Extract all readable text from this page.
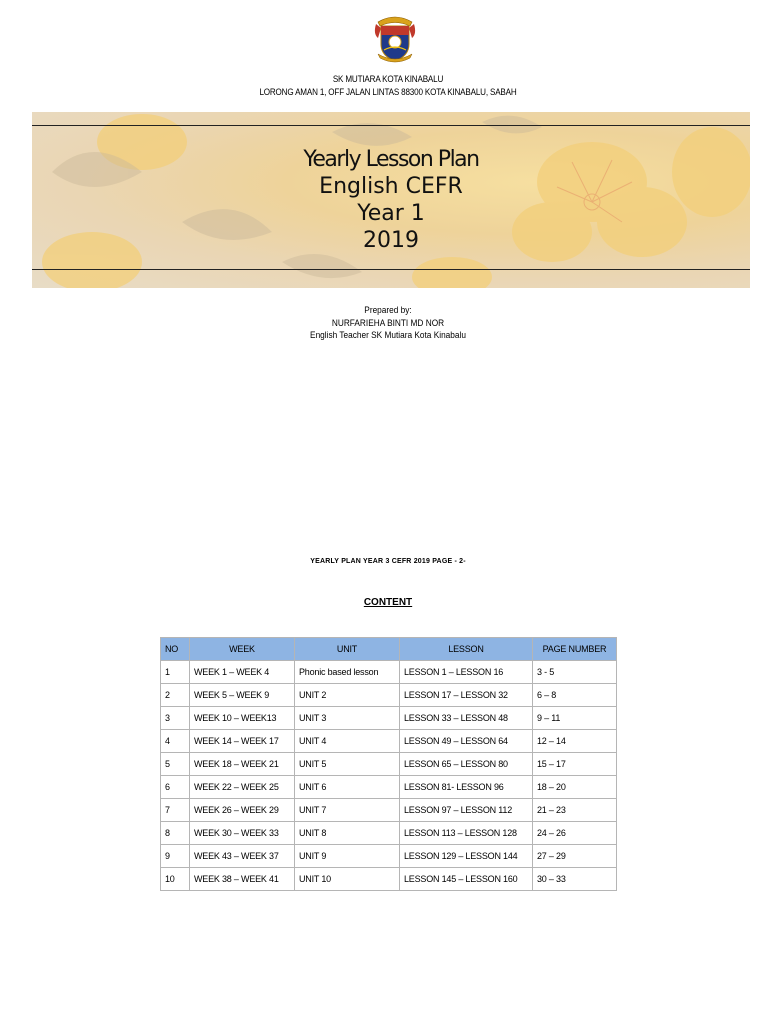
SK MUTIARA KOTA KINABALU
LORONG AMAN 1, OFF JALAN LINTAS 88300 KOTA KINABALU, SABAH
Yearly Lesson Plan
English CEFR
Year 1
2019
Prepared by:
NURFARIEHA BINTI MD NOR
English Teacher SK Mutiara Kota Kinabalu
YEARLY PLAN YEAR 3 CEFR 2019 PAGE - 2-
CONTENT
NO	WEEK	UNIT	LESSON	PAGE NUMBER
1	WEEK 1 – WEEK 4	Phonic based lesson	LESSON 1 – LESSON 16	3 - 5
2	WEEK 5 – WEEK 9	UNIT 2	LESSON 17 – LESSON 32	6 – 8
3	WEEK 10 – WEEK13	UNIT 3	LESSON 33 – LESSON 48	9 – 11
4	WEEK 14 – WEEK 17	UNIT 4	LESSON 49 – LESSON 64	12 – 14
5	WEEK 18 – WEEK 21	UNIT 5	LESSON 65 – LESSON 80	15 – 17
6	WEEK 22 – WEEK 25	UNIT 6	LESSON 81- LESSON 96	18 – 20
7	WEEK 26 – WEEK 29	UNIT 7	LESSON 97 – LESSON 112	21 – 23
8	WEEK 30 – WEEK 33	UNIT 8	LESSON 113 – LESSON 128	24 – 26
9	WEEK 43 – WEEK 37	UNIT 9	LESSON 129 – LESSON 144	27 – 29
10	WEEK 38 – WEEK 41	UNIT 10	LESSON 145 – LESSON 160	30 – 33
